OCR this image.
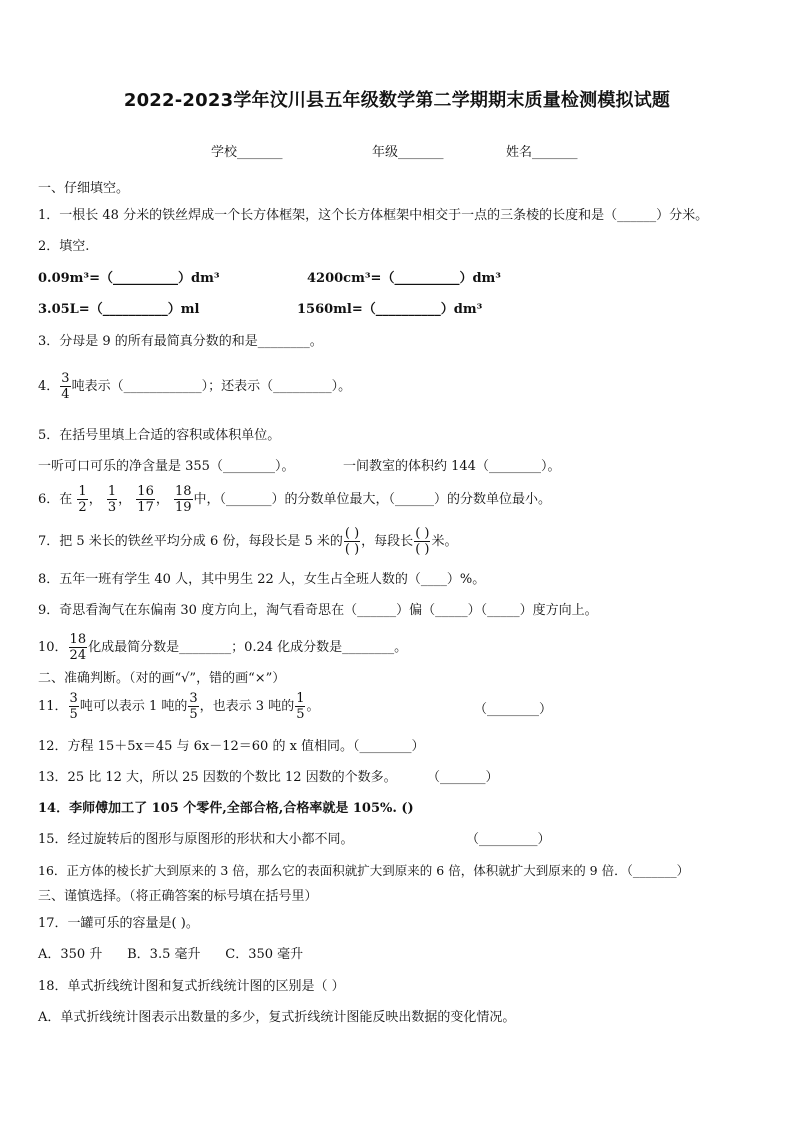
2022-2023学年汶川县五年级数学第二学期期末质量检测模拟试题
学校_______	年级_______	姓名_______
一、仔细填空。
1．一根长 48 分米的铁丝焊成一个长方体框架，这个长方体框架中相交于一点的三条棱的长度和是（______）分米。
2．填空.
0.09m³=（__________）dm³	4200cm³=（__________）dm³
3.05L=（__________）ml	1560ml=（__________）dm³
3．分母是 9 的所有最简真分数的和是________。
4． $\frac{3}{4}$ 吨表示（____________）；还表示（_________）。
5．在括号里填上合适的容积或体积单位。
一听可口可乐的净含量是 355（________）。	一间教室的体积约 144（________）。
6．在 $\frac{1}{2}$ ， $\frac{1}{3}$ ， $\frac{16}{17}$ ， $\frac{18}{19}$ 中，（_______）的分数单位最大，（______）的分数单位最小。
7．把 5 米长的铁丝平均分成 6 份，每段长是 5 米的 $\frac{( )}{( )}$ ，每段长 $\frac{( )}{( )}$ 米。
8．五年一班有学生 40 人，其中男生 22 人，女生占全班人数的（____）%。
9．奇思看淘气在东偏南 30 度方向上，淘气看奇思在（______）偏（_____）（_____）度方向上。
10． $\frac{18}{24}$ 化成最简分数是________；0.24 化成分数是________。
二、准确判断。（对的画“√”，错的画“×”）
11． $\frac{3}{5}$ 吨可以表示 1 吨的 $\frac{3}{5}$ ，也表示 3 吨的 $\frac{1}{5}$ 。	（________）
12．方程 15＋5x＝45 与 6x－12＝60 的 x 值相同。（________）
13．25 比 12 大，所以 25 因数的个数比 12 因数的个数多。 （_______）
14．李师傅加工了 105 个零件,全部合格,合格率就是 105%. ()
15．经过旋转后的图形与原图形的形状和大小都不同。	（_________）
16．正方体的棱长扩大到原来的 3 倍，那么它的表面积就扩大到原来的 6 倍，体积就扩大到原来的 9 倍．（_______）
三、谨慎选择。（将正确答案的标号填在括号里）
17．一罐可乐的容量是( )。
A．350 升      B．3.5 毫升      C．350 毫升
18．单式折线统计图和复式折线统计图的区别是（ ）
A．单式折线统计图表示出数量的多少，复式折线统计图能反映出数据的变化情况。
